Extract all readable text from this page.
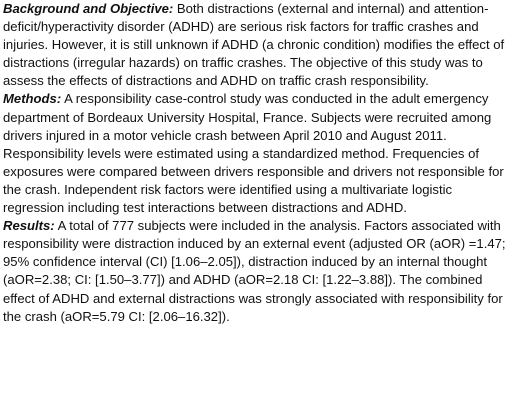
Background and Objective: Both distractions (external and internal) and attention-deficit/hyperactivity disorder (ADHD) are serious risk factors for traffic crashes and injuries. However, it is still unknown if ADHD (a chronic condition) modifies the effect of distractions (irregular hazards) on traffic crashes. The objective of this study was to assess the effects of distractions and ADHD on traffic crash responsibility.

Methods: A responsibility case-control study was conducted in the adult emergency department of Bordeaux University Hospital, France. Subjects were recruited among drivers injured in a motor vehicle crash between April 2010 and August 2011. Responsibility levels were estimated using a standardized method. Frequencies of exposures were compared between drivers responsible and drivers not responsible for the crash. Independent risk factors were identified using a multivariate logistic regression including test interactions between distractions and ADHD.

Results: A total of 777 subjects were included in the analysis. Factors associated with responsibility were distraction induced by an external event (adjusted OR (aOR) =1.47; 95% confidence interval (CI) [1.06–2.05]), distraction induced by an internal thought (aOR=2.38; CI: [1.50–3.77]) and ADHD (aOR=2.18 CI: [1.22–3.88]). The combined effect of ADHD and external distractions was strongly associated with responsibility for the crash (aOR=5.79 CI: [2.06–16.32]).
